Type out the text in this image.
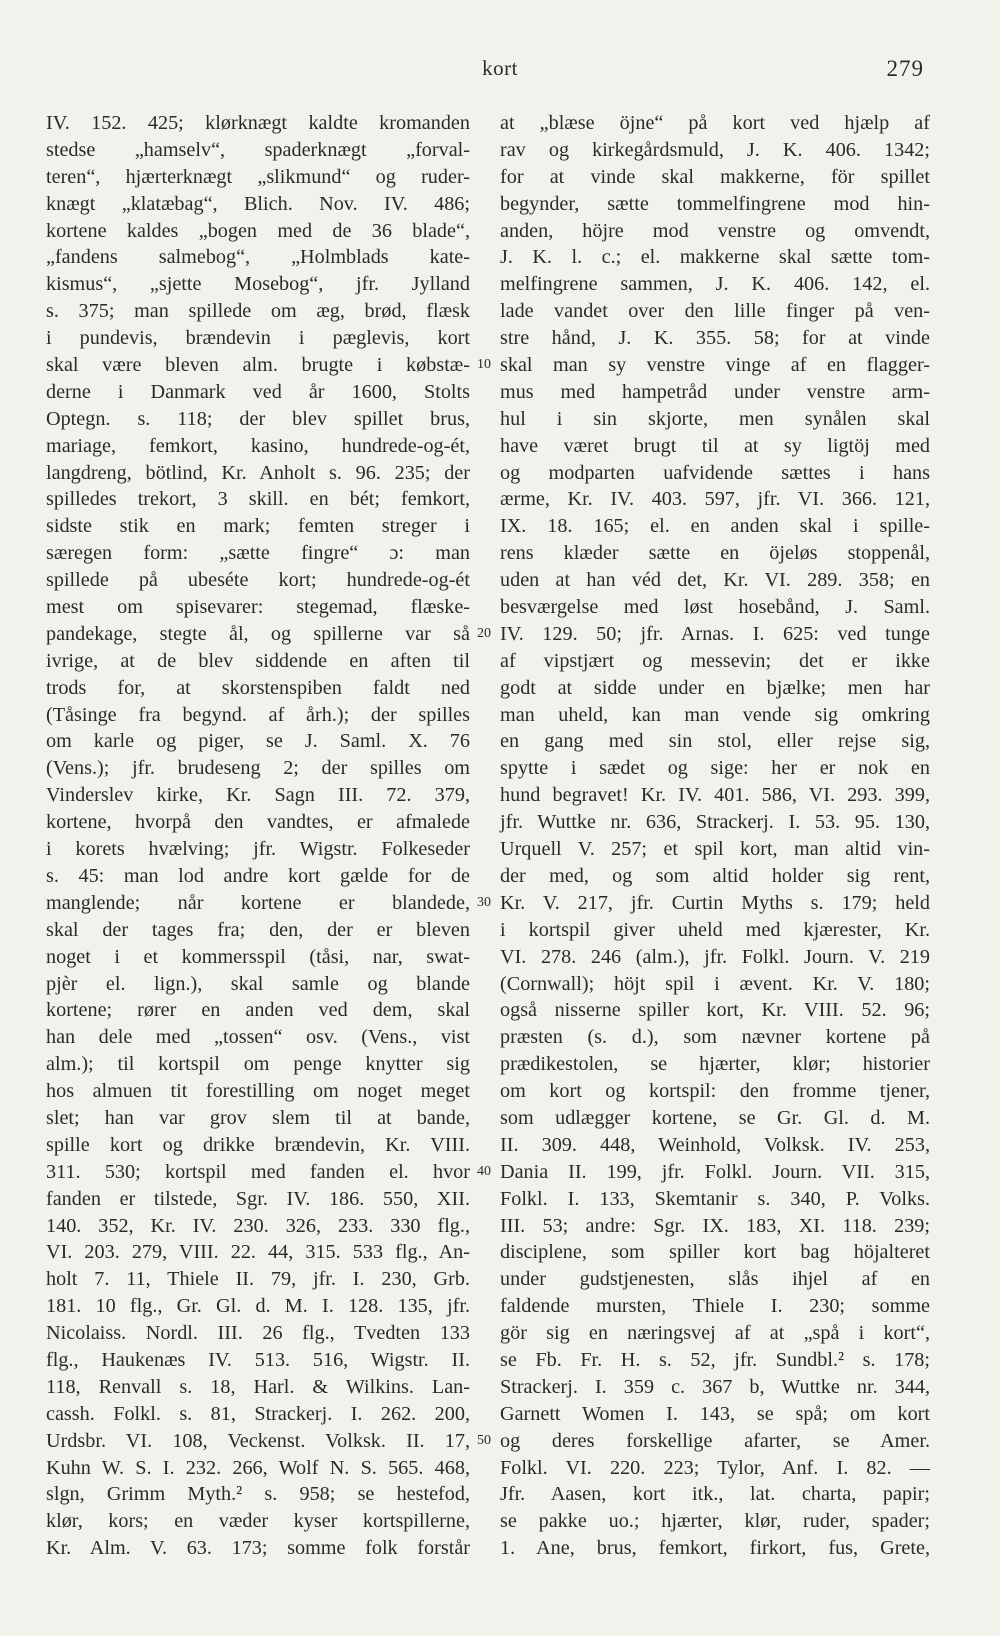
kort	279
IV. 152. 425; klørknægt kaldte kromanden
stedse „hamselv“, spaderknægt „forval-
teren“, hjærterknægt „slikmund“ og ruder-
knægt „klatæbag“, Blich. Nov. IV. 486;
kortene kaldes „bogen med de 36 blade“,
„fandens salmebog“, „Holmblads kate-
kismus“, „sjette Mosebog“, jfr. Jylland
s. 375; man spillede om æg, brød, flæsk
i pundevis, brændevin i pæglevis, kort
skal være bleven alm. brugte i købstæ-
derne i Danmark ved år 1600, Stolts
Optegn. s. 118; der blev spillet brus,
mariage, femkort, kasino, hundrede-og-ét,
langdreng, bötlind, Kr. Anholt s. 96. 235; der
spilledes trekort, 3 skill. en bét; femkort,
sidste stik en mark; femten streger i
særegen form: „sætte fingre“ ɔ: man
spillede på ubeséte kort; hundrede-og-ét
mest om spisevarer: stegemad, flæske-
pandekage, stegte ål, og spillerne var så
ivrige, at de blev siddende en aften til
trods for, at skorstenspiben faldt ned
(Tåsinge fra begynd. af årh.); der spilles
om karle og piger, se J. Saml. X. 76
(Vens.); jfr. brudeseng 2; der spilles om
Vinderslev kirke, Kr. Sagn III. 72. 379,
kortene, hvorpå den vandtes, er afmalede
i korets hvælving; jfr. Wigstr. Folkeseder
s. 45: man lod andre kort gælde for de
manglende; når kortene er blandede,
skal der tages fra; den, der er bleven
noget i et kommersspil (tåsi, nar, swat-
pjèr el. lign.), skal samle og blande
kortene; rører en anden ved dem, skal
han dele med „tossen“ osv. (Vens., vist
alm.); til kortspil om penge knytter sig
hos almuen tit forestilling om noget meget
slet; han var grov slem til at bande,
spille kort og drikke brændevin, Kr. VIII.
311. 530; kortspil med fanden el. hvor
fanden er tilstede, Sgr. IV. 186. 550, XII.
140. 352, Kr. IV. 230. 326, 233. 330 flg.,
VI. 203. 279, VIII. 22. 44, 315. 533 flg., An-
holt 7. 11, Thiele II. 79, jfr. I. 230, Grb.
181. 10 flg., Gr. Gl. d. M. I. 128. 135, jfr.
Nicolaiss. Nordl. III. 26 flg., Tvedten 133
flg., Haukenæs IV. 513. 516, Wigstr. II.
118, Renvall s. 18, Harl. & Wilkins. Lan-
cassh. Folkl. s. 81, Strackerj. I. 262. 200,
Urdsbr. VI. 108, Veckenst. Volksk. II. 17,
Kuhn W. S. I. 232. 266, Wolf N. S. 565. 468,
slgn, Grimm Myth.² s. 958; se hestefod,
klør, kors; en væder kyser kortspillerne,
Kr. Alm. V. 63. 173; somme folk forstår
10
20
30
40
50
at „blæse öjne“ på kort ved hjælp af
rav og kirkegårdsmuld, J. K. 406. 1342;
for at vinde skal makkerne, för spillet
begynder, sætte tommelfingrene mod hin-
anden, höjre mod venstre og omvendt,
J. K. l. c.; el. makkerne skal sætte tom-
melfingrene sammen, J. K. 406. 142, el.
lade vandet over den lille finger på ven-
stre hånd, J. K. 355. 58; for at vinde
skal man sy venstre vinge af en flagger-
mus med hampetråd under venstre arm-
hul i sin skjorte, men synålen skal
have været brugt til at sy ligtöj med
og modparten uafvidende sættes i hans
ærme, Kr. IV. 403. 597, jfr. VI. 366. 121,
IX. 18. 165; el. en anden skal i spille-
rens klæder sætte en öjeløs stoppenål,
uden at han véd det, Kr. VI. 289. 358; en
besværgelse med løst hosebånd, J. Saml.
IV. 129. 50; jfr. Arnas. I. 625: ved tunge
af vipstjært og messevin; det er ikke
godt at sidde under en bjælke; men har
man uheld, kan man vende sig omkring
en gang med sin stol, eller rejse sig,
spytte i sædet og sige: her er nok en
hund begravet! Kr. IV. 401. 586, VI. 293. 399,
jfr. Wuttke nr. 636, Strackerj. I. 53. 95. 130,
Urquell V. 257; et spil kort, man altid vin-
der med, og som altid holder sig rent,
Kr. V. 217, jfr. Curtin Myths s. 179; held
i kortspil giver uheld med kjærester, Kr.
VI. 278. 246 (alm.), jfr. Folkl. Journ. V. 219
(Cornwall); höjt spil i ævent. Kr. V. 180;
også nisserne spiller kort, Kr. VIII. 52. 96;
præsten (s. d.), som nævner kortene på
prædikestolen, se hjærter, klør; historier
om kort og kortspil: den fromme tjener,
som udlægger kortene, se Gr. Gl. d. M.
II. 309. 448, Weinhold, Volksk. IV. 253,
Dania II. 199, jfr. Folkl. Journ. VII. 315,
Folkl. I. 133, Skemtanir s. 340, P. Volks.
III. 53; andre: Sgr. IX. 183, XI. 118. 239;
disciplene, som spiller kort bag höjalteret
under gudstjenesten, slås ihjel af en
faldende mursten, Thiele I. 230; somme
gör sig en næringsvej af at „spå i kort“,
se Fb. Fr. H. s. 52, jfr. Sundbl.² s. 178;
Strackerj. I. 359 c. 367 b, Wuttke nr. 344,
Garnett Women I. 143, se spå; om kort
og deres forskellige afarter, se Amer.
Folkl. VI. 220. 223; Tylor, Anf. I. 82. —
Jfr. Aasen, kort itk., lat. charta, papir;
se pakke uo.; hjærter, klør, ruder, spader;
1. Ane, brus, femkort, firkort, fus, Grete,
